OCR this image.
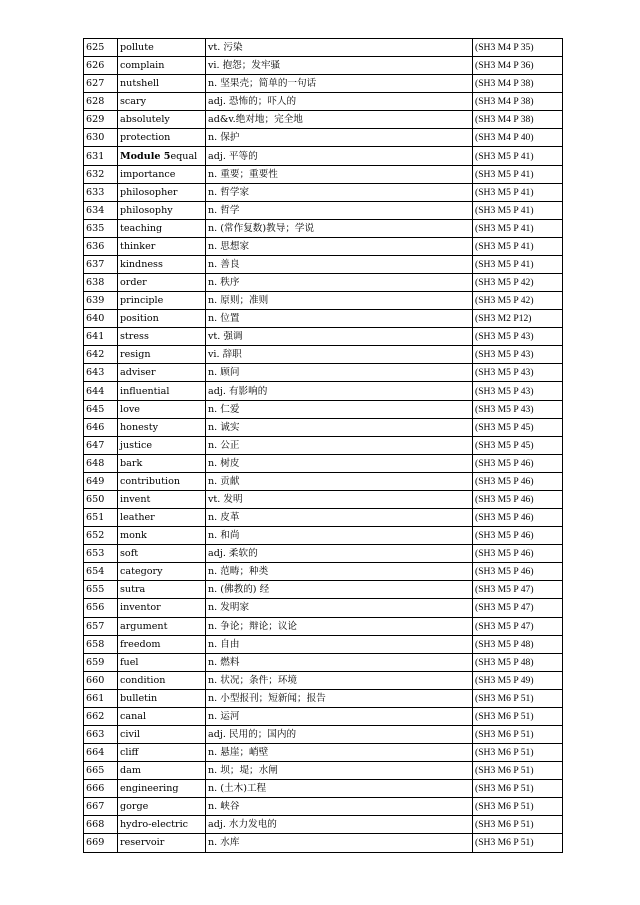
625	pollute	vt. 污染	(SH3 M4 P 35)
626	complain	vi. 抱怨；发牢骚	(SH3 M4 P 36)
627	nutshell	n. 坚果壳；简单的一句话	(SH3 M4 P 38)
628	scary	adj. 恐怖的；吓人的	(SH3 M4 P 38)
629	absolutely	ad&v.绝对地；完全地	(SH3 M4 P 38)
630	protection	n. 保护	(SH3 M4 P 40)
631	Module 5equal	adj. 平等的	(SH3 M5 P 41)
632	importance	n. 重要；重要性	(SH3 M5 P 41)
633	philosopher	n. 哲学家	(SH3 M5 P 41)
634	philosophy	n. 哲学	(SH3 M5 P 41)
635	teaching	n. (常作复数)教导；学说	(SH3 M5 P 41)
636	thinker	n. 思想家	(SH3 M5 P 41)
637	kindness	n. 善良	(SH3 M5 P 41)
638	order	n. 秩序	(SH3 M5 P 42)
639	principle	n. 原则；准则	(SH3 M5 P 42)
640	position	n. 位置	(SH3 M2 P12)
641	stress	vt. 强调	(SH3 M5 P 43)
642	resign	vi. 辞职	(SH3 M5 P 43)
643	adviser	n. 顾问	(SH3 M5 P 43)
644	influential	adj. 有影响的	(SH3 M5 P 43)
645	love	n. 仁爱	(SH3 M5 P 43)
646	honesty	n. 诚实	(SH3 M5 P 45)
647	justice	n. 公正	(SH3 M5 P 45)
648	bark	n. 树皮	(SH3 M5 P 46)
649	contribution	n. 贡献	(SH3 M5 P 46)
650	invent	vt. 发明	(SH3 M5 P 46)
651	leather	n. 皮革	(SH3 M5 P 46)
652	monk	n. 和尚	(SH3 M5 P 46)
653	soft	adj. 柔软的	(SH3 M5 P 46)
654	category	n. 范畴；种类	(SH3 M5 P 46)
655	sutra	n. (佛教的) 经	(SH3 M5 P 47)
656	inventor	n. 发明家	(SH3 M5 P 47)
657	argument	n. 争论；辩论；议论	(SH3 M5 P 47)
658	freedom	n. 自由	(SH3 M5 P 48)
659	fuel	n. 燃料	(SH3 M5 P 48)
660	condition	n. 状况；条件；环境	(SH3 M5 P 49)
661	bulletin	n. 小型报刊；短新闻；报告	(SH3 M6 P 51)
662	canal	n. 运河	(SH3 M6 P 51)
663	civil	adj. 民用的；国内的	(SH3 M6 P 51)
664	cliff	n. 悬崖；峭壁	(SH3 M6 P 51)
665	dam	n. 坝；堤；水闸	(SH3 M6 P 51)
666	engineering	n. (土木)工程	(SH3 M6 P 51)
667	gorge	n. 峡谷	(SH3 M6 P 51)
668	hydro-electric	adj. 水力发电的	(SH3 M6 P 51)
669	reservoir	n. 水库	(SH3 M6 P 51)
